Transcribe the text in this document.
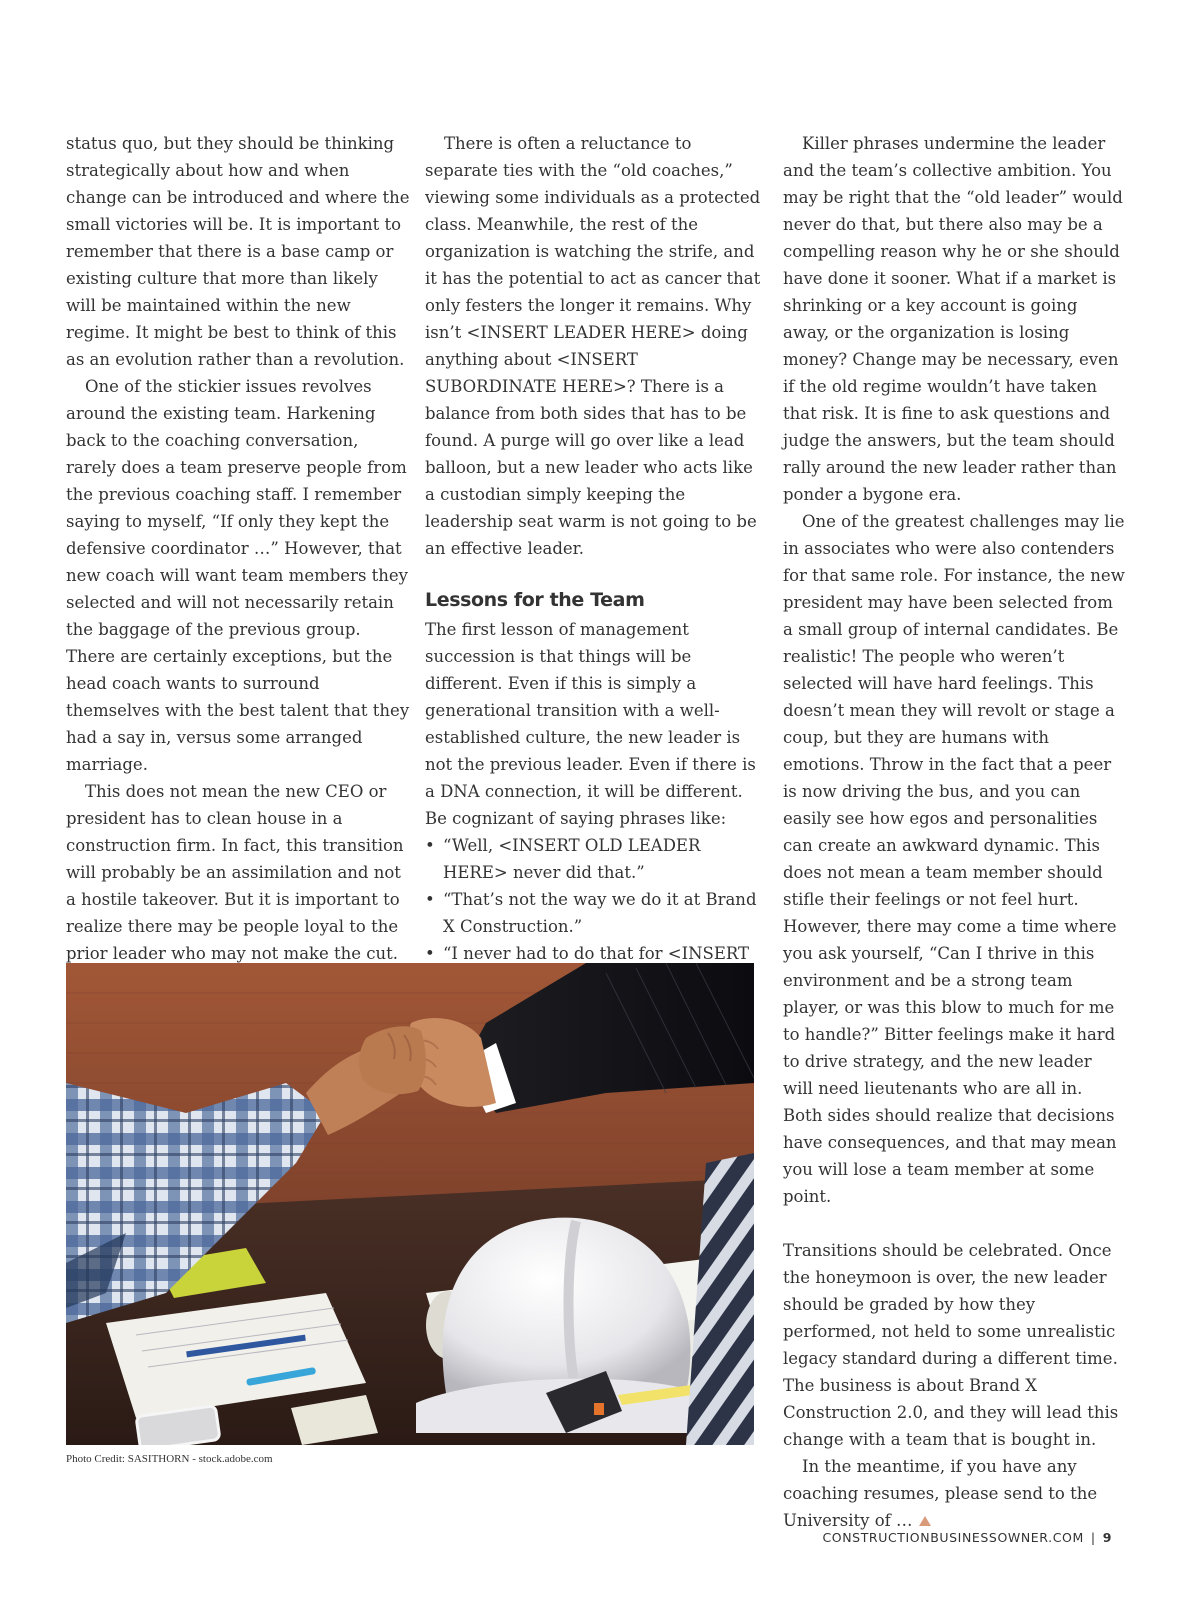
status quo, but they should be thinking strategically about how and when change can be introduced and where the small victories will be. It is important to remember that there is a base camp or existing culture that more than likely will be maintained within the new regime. It might be best to think of this as an evolution rather than a revolution.

One of the stickier issues revolves around the existing team. Harkening back to the coaching conversation, rarely does a team preserve people from the previous coaching staff. I remember saying to myself, “If only they kept the defensive coordinator …” However, that new coach will want team members they selected and will not necessarily retain the baggage of the previous group. There are certainly exceptions, but the head coach wants to surround themselves with the best talent that they had a say in, versus some arranged marriage.

This does not mean the new CEO or president has to clean house in a construction firm. In fact, this transition will probably be an assimilation and not a hostile takeover. But it is important to realize there may be people loyal to the prior leader who may not make the cut.

There is often a reluctance to separate ties with the “old coaches,” viewing some individuals as a protected class. Meanwhile, the rest of the organization is watching the strife, and it has the potential to act as cancer that only festers the longer it remains. Why isn’t <INSERT LEADER HERE> doing anything about <INSERT SUBORDINATE HERE>? There is a balance from both sides that has to be found. A purge will go over like a lead balloon, but a new leader who acts like a custodian simply keeping the leadership seat warm is not going to be an effective leader.

Lessons for the Team

The first lesson of management succession is that things will be different. Even if this is simply a generational transition with a well-established culture, the new leader is not the previous leader. Even if there is a DNA connection, it will be different. Be cognizant of saying phrases like:

• “Well, <INSERT OLD LEADER HERE> never did that.”
• “That’s not the way we do it at Brand X Construction.”
• “I never had to do that for <INSERT

Killer phrases undermine the leader and the team’s collective ambition. You may be right that the “old leader” would never do that, but there also may be a compelling reason why he or she should have done it sooner. What if a market is shrinking or a key account is going away, or the organization is losing money? Change may be necessary, even if the old regime wouldn’t have taken that risk. It is fine to ask questions and judge the answers, but the team should rally around the new leader rather than ponder a bygone era.

One of the greatest challenges may lie in associates who were also contenders for that same role. For instance, the new president may have been selected from a small group of internal candidates. Be realistic! The people who weren’t selected will have hard feelings. This doesn’t mean they will revolt or stage a coup, but they are humans with emotions. Throw in the fact that a peer is now driving the bus, and you can easily see how egos and personalities can create an awkward dynamic. This does not mean a team member should stifle their feelings or not feel hurt. However, there may come a time where you ask yourself, “Can I thrive in this environment and be a strong team player, or was this blow to much for me to handle?” Bitter feelings make it hard to drive strategy, and the new leader will need lieutenants who are all in. Both sides should realize that decisions have consequences, and that may mean you will lose a team member at some point.

Transitions should be celebrated. Once the honeymoon is over, the new leader should be graded by how they performed, not held to some unrealistic legacy standard during a different time. The business is about Brand X Construction 2.0, and they will lead this change with a team that is bought in.

In the meantime, if you have any coaching resumes, please send to the University of …

Photo Credit: SASITHORN - stock.adobe.com
CONSTRUCTIONBUSINESSOWNER.COM | 9
